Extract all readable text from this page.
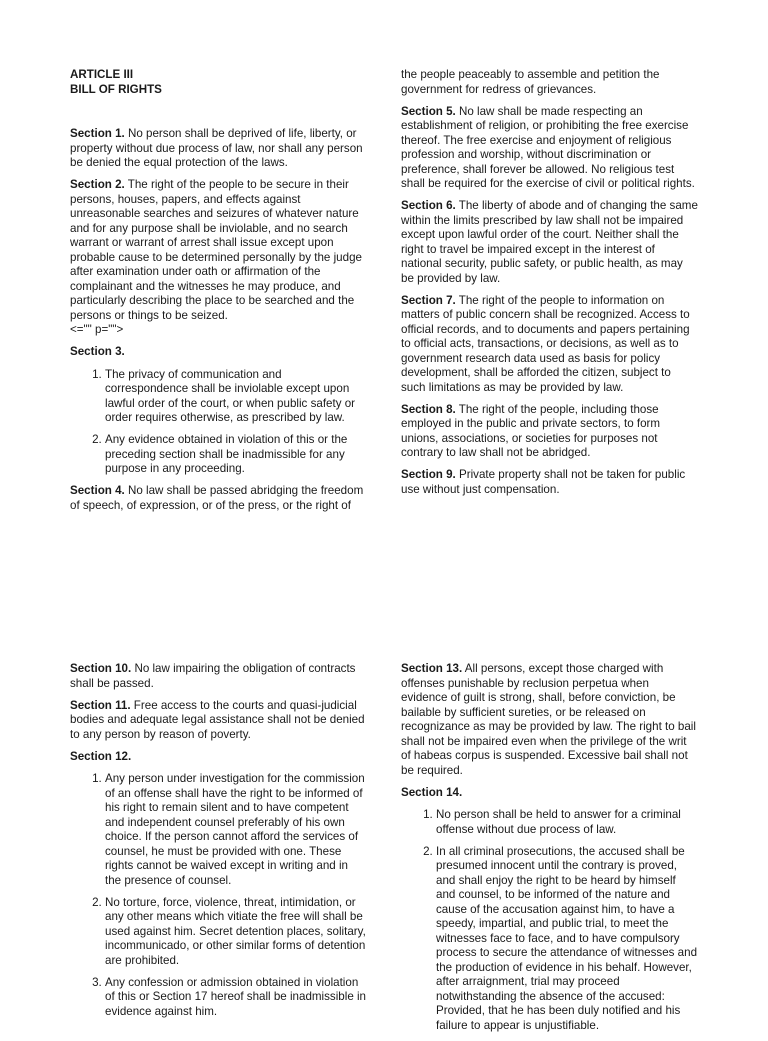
ARTICLE III
BILL OF RIGHTS

Section 1. No person shall be deprived of life, liberty, or property without due process of law, nor shall any person be denied the equal protection of the laws.

Section 2. The right of the people to be secure in their persons, houses, papers, and effects against unreasonable searches and seizures of whatever nature and for any purpose shall be inviolable, and no search warrant or warrant of arrest shall issue except upon probable cause to be determined personally by the judge after examination under oath or affirmation of the complainant and the witnesses he may produce, and particularly describing the place to be searched and the persons or things to be seized.

<="" p="">

Section 3.

1. The privacy of communication and correspondence shall be inviolable except upon lawful order of the court, or when public safety or order requires otherwise, as prescribed by law.
2. Any evidence obtained in violation of this or the preceding section shall be inadmissible for any purpose in any proceeding.

Section 4. No law shall be passed abridging the freedom of speech, of expression, or of the press, or the right of

the people peaceably to assemble and petition the government for redress of grievances.

Section 5. No law shall be made respecting an establishment of religion, or prohibiting the free exercise thereof. The free exercise and enjoyment of religious profession and worship, without discrimination or preference, shall forever be allowed. No religious test shall be required for the exercise of civil or political rights.

Section 6. The liberty of abode and of changing the same within the limits prescribed by law shall not be impaired except upon lawful order of the court. Neither shall the right to travel be impaired except in the interest of national security, public safety, or public health, as may be provided by law.

Section 7. The right of the people to information on matters of public concern shall be recognized. Access to official records, and to documents and papers pertaining to official acts, transactions, or decisions, as well as to government research data used as basis for policy development, shall be afforded the citizen, subject to such limitations as may be provided by law.

Section 8. The right of the people, including those employed in the public and private sectors, to form unions, associations, or societies for purposes not contrary to law shall not be abridged.

Section 9. Private property shall not be taken for public use without just compensation.

Section 10. No law impairing the obligation of contracts shall be passed.

Section 11. Free access to the courts and quasi-judicial bodies and adequate legal assistance shall not be denied to any person by reason of poverty.

Section 12.

1. Any person under investigation for the commission of an offense shall have the right to be informed of his right to remain silent and to have competent and independent counsel preferably of his own choice. If the person cannot afford the services of counsel, he must be provided with one. These rights cannot be waived except in writing and in the presence of counsel.
2. No torture, force, violence, threat, intimidation, or any other means which vitiate the free will shall be used against him. Secret detention places, solitary, incommunicado, or other similar forms of detention are prohibited.
3. Any confession or admission obtained in violation of this or Section 17 hereof shall be inadmissible in evidence against him.

Section 13. All persons, except those charged with offenses punishable by reclusion perpetua when evidence of guilt is strong, shall, before conviction, be bailable by sufficient sureties, or be released on recognizance as may be provided by law. The right to bail shall not be impaired even when the privilege of the writ of habeas corpus is suspended. Excessive bail shall not be required.

Section 14.

1. No person shall be held to answer for a criminal offense without due process of law.
2. In all criminal prosecutions, the accused shall be presumed innocent until the contrary is proved, and shall enjoy the right to be heard by himself and counsel, to be informed of the nature and cause of the accusation against him, to have a speedy, impartial, and public trial, to meet the witnesses face to face, and to have compulsory process to secure the attendance of witnesses and the production of evidence in his behalf. However, after arraignment, trial may proceed notwithstanding the absence of the accused: Provided, that he has been duly notified and his failure to appear is unjustifiable.
